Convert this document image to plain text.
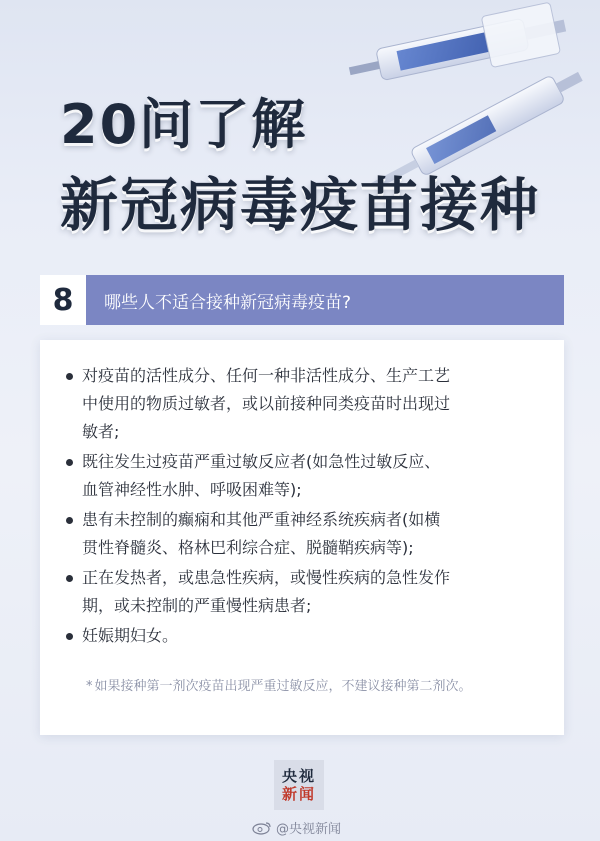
20问了解
新冠病毒疫苗接种
8	哪些人不适合接种新冠病毒疫苗?
对疫苗的活性成分、任何一种非活性成分、生产工艺
中使用的物质过敏者，或以前接种同类疫苗时出现过
敏者;
既往发生过疫苗严重过敏反应者(如急性过敏反应、
血管神经性水肿、呼吸困难等);
患有未控制的癫痫和其他严重神经系统疾病者(如横
贯性脊髓炎、格林巴利综合症、脱髓鞘疾病等);
正在发热者，或患急性疾病，或慢性疾病的急性发作
期，或未控制的严重慢性病患者;
妊娠期妇女。
* 如果接种第一剂次疫苗出现严重过敏反应，不建议接种第二剂次。
央视
新闻
@央视新闻
